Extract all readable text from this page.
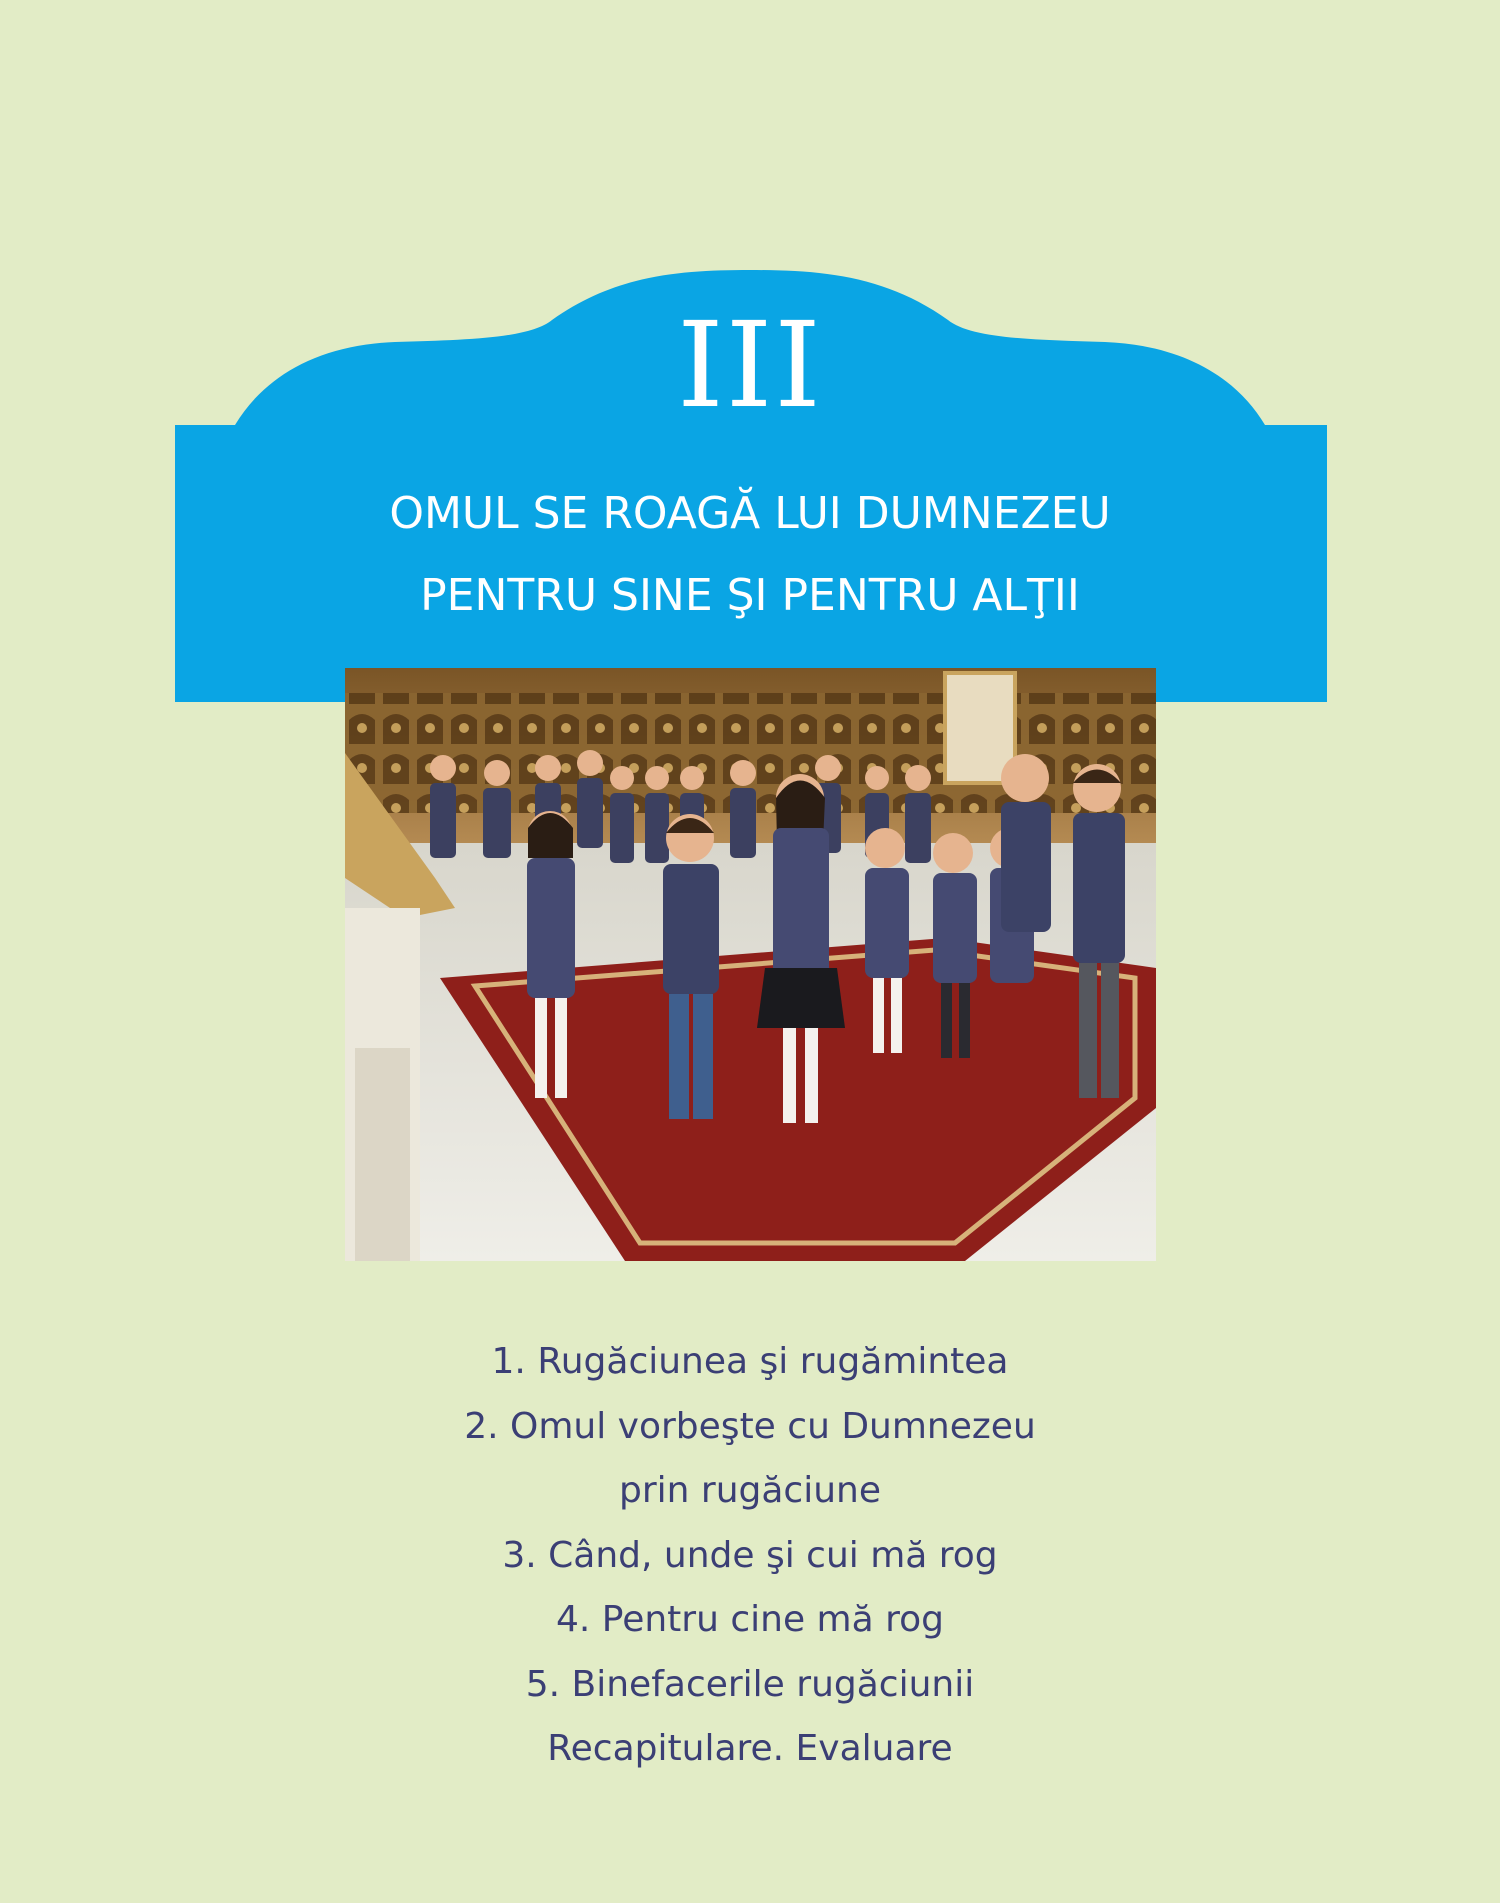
III
OMUL SE ROAGĂ LUI DUMNEZEU
PENTRU SINE ŞI PENTRU ALŢII
1. Rugăciunea şi rugămintea
2. Omul vorbeşte cu Dumnezeu
prin rugăciune
3. Când, unde şi cui mă rog
4. Pentru cine mă rog
5. Binefacerile rugăciunii
Recapitulare. Evaluare
